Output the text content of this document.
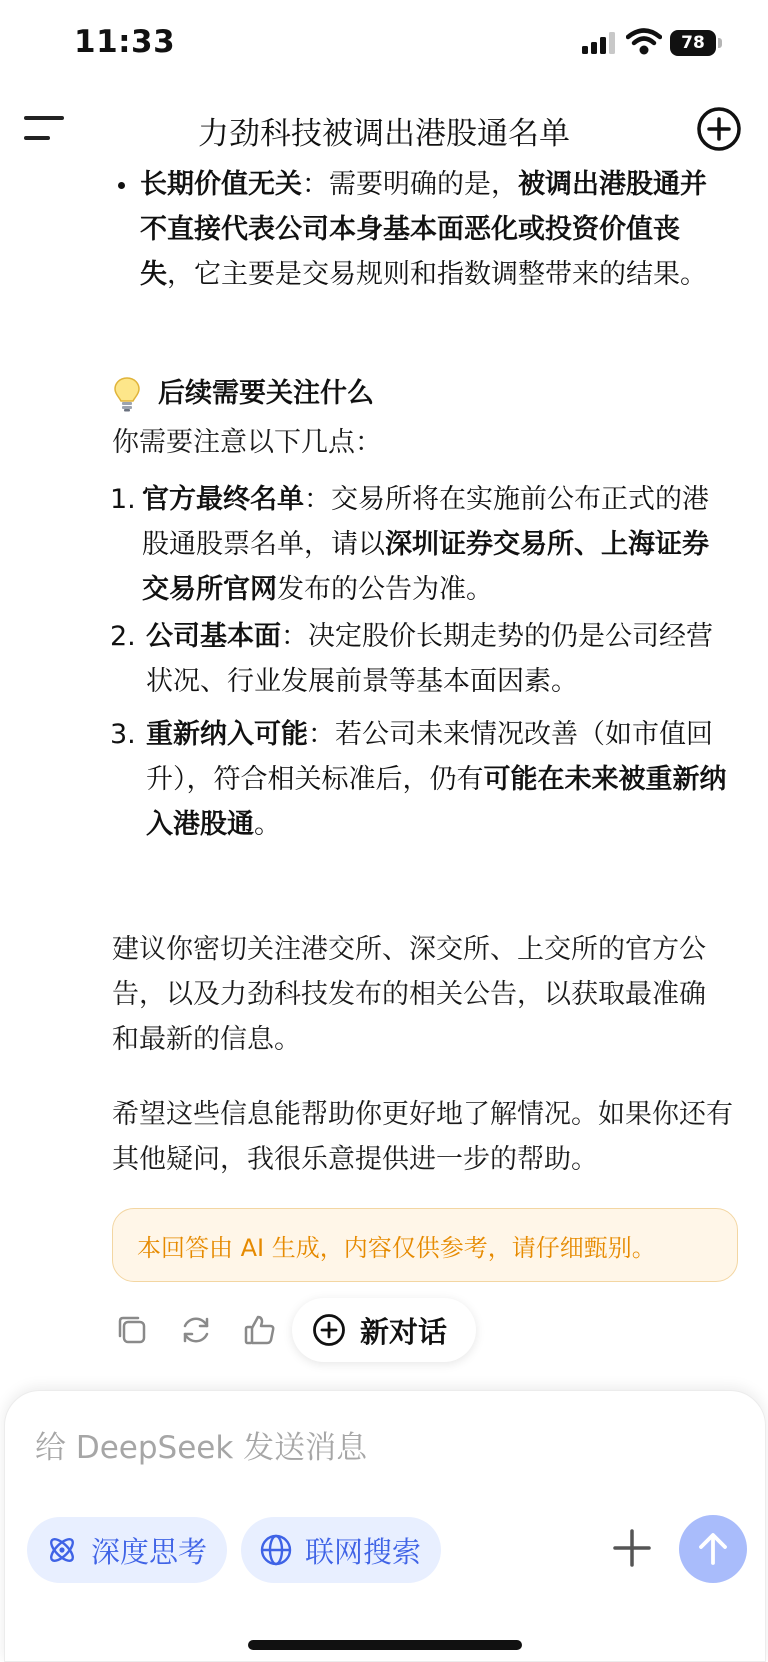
11:33	78
力劲科技被调出港股通名单
长期价值无关：需要明确的是，被调出港股通并不直接代表公司本身基本面恶化或投资价值丧失，它主要是交易规则和指数调整带来的结果。
后续需要关注什么
你需要注意以下几点：
1. 官方最终名单：交易所将在实施前公布正式的港股通股票名单，请以深圳证券交易所、上海证券交易所官网发布的公告为准。
2. 公司基本面：决定股价长期走势的仍是公司经营状况、行业发展前景等基本面因素。
3. 重新纳入可能：若公司未来情况改善（如市值回升），符合相关标准后，仍有可能在未来被重新纳入港股通。
建议你密切关注港交所、深交所、上交所的官方公告，以及力劲科技发布的相关公告，以获取最准确和最新的信息。
希望这些信息能帮助你更好地了解情况。如果你还有其他疑问，我很乐意提供进一步的帮助。
本回答由 AI 生成，内容仅供参考，请仔细甄别。
新对话
给 DeepSeek 发送消息
深度思考	联网搜索
